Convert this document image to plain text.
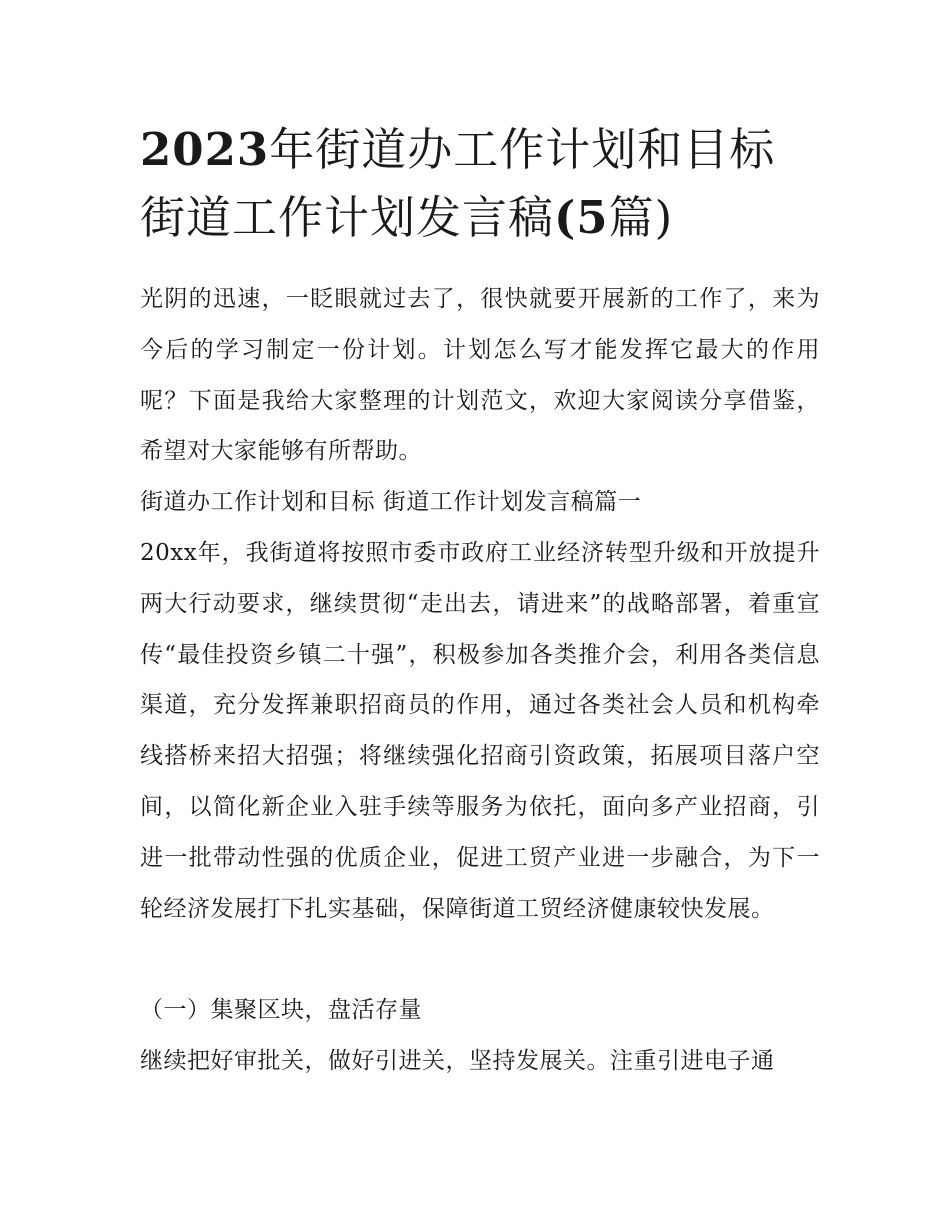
2023年街道办工作计划和目标
街道工作计划发言稿(5篇)

光阴的迅速，一眨眼就过去了，很快就要开展新的工作了，来为今后的学习制定一份计划。计划怎么写才能发挥它最大的作用呢？下面是我给大家整理的计划范文，欢迎大家阅读分享借鉴，希望对大家能够有所帮助。

街道办工作计划和目标 街道工作计划发言稿篇一

20xx年，我街道将按照市委市政府工业经济转型升级和开放提升两大行动要求，继续贯彻“走出去，请进来”的战略部署，着重宣传“最佳投资乡镇二十强”，积极参加各类推介会，利用各类信息渠道，充分发挥兼职招商员的作用，通过各类社会人员和机构牵线搭桥来招大招强；将继续强化招商引资政策，拓展项目落户空间，以简化新企业入驻手续等服务为依托，面向多产业招商，引进一批带动性强的优质企业，促进工贸产业进一步融合，为下一轮经济发展打下扎实基础，保障街道工贸经济健康较快发展。

（一）集聚区块，盘活存量

继续把好审批关，做好引进关，坚持发展关。注重引进电子通
